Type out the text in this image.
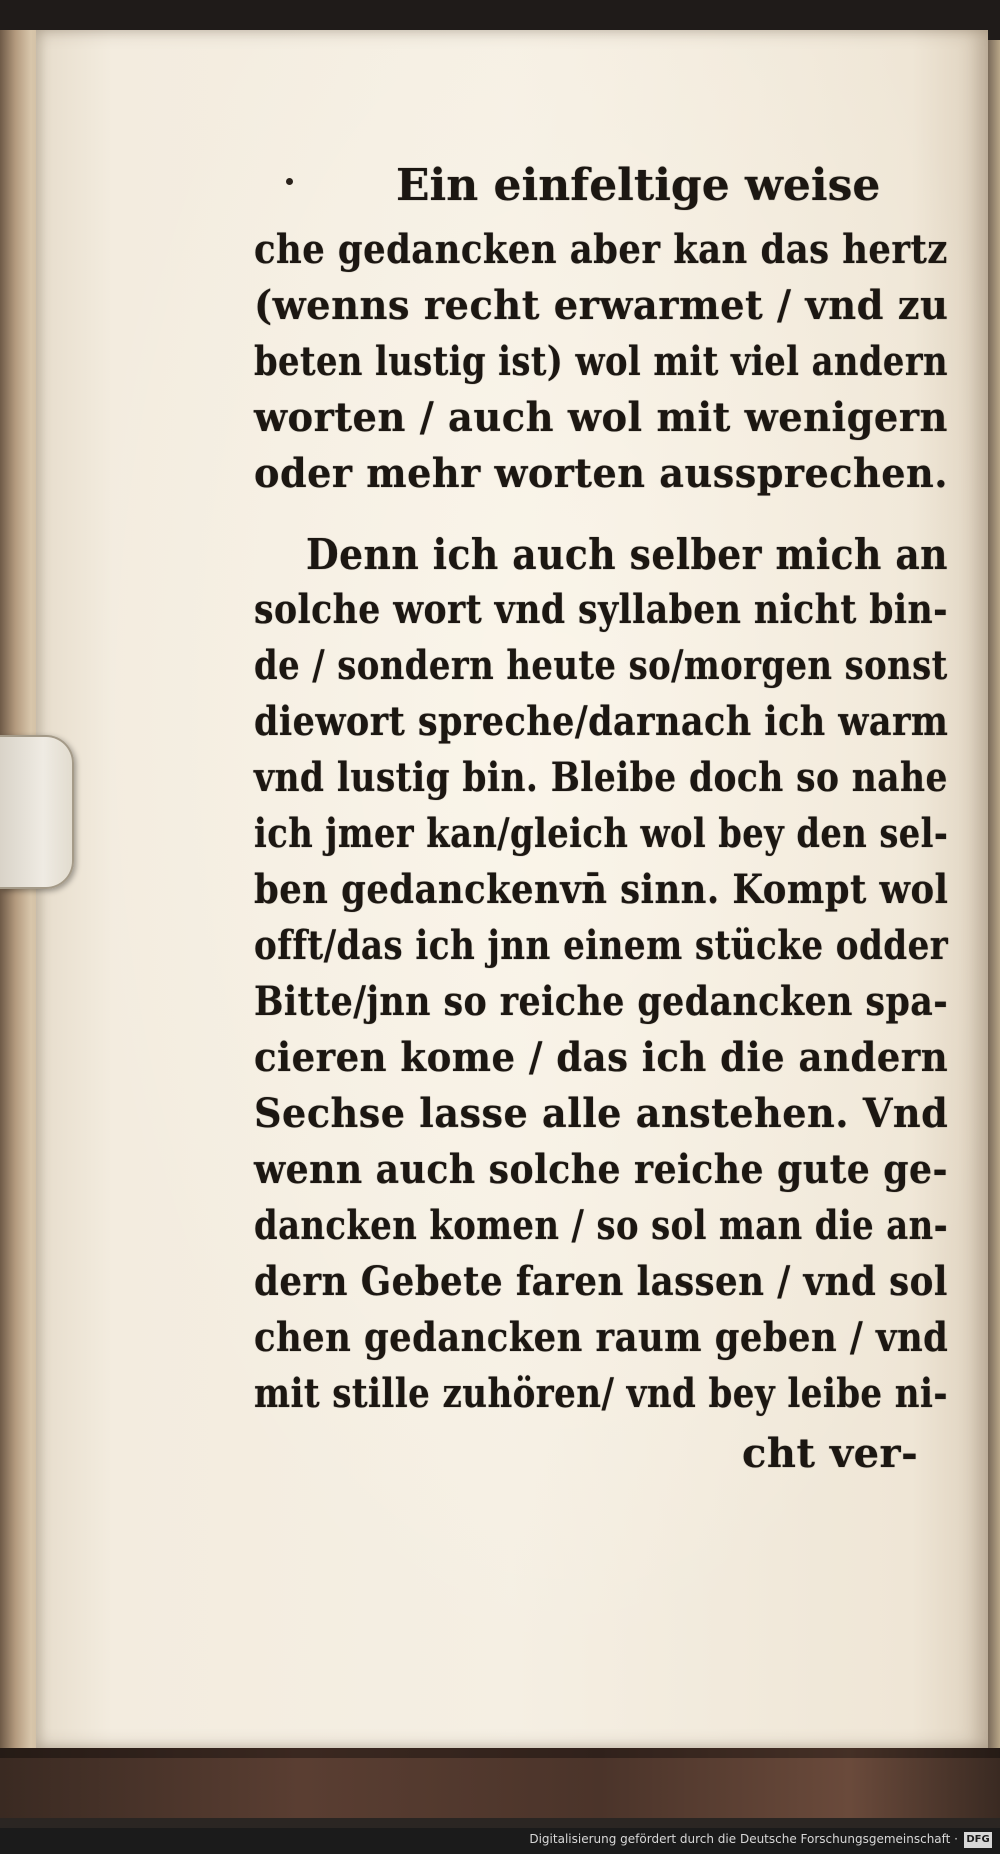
Ein einfeltige weise
che gedancken aber kan das hertz
(wenns recht erwarmet / vnd zu
beten lustig ist) wol mit viel andern
worten / auch wol mit wenigern
oder mehr worten aussprechen.
Denn ich auch selber mich an
solche wort vnd syllaben nicht bin-
de / sondern heute so/morgen sonst
diewort spreche/darnach ich warm
vnd lustig bin. Bleibe doch so nahe
ich jmer kan/gleich wol bey den sel-
ben gedanckenvn̄ sinn. Kompt wol
offt/das ich jnn einem stücke odder
Bitte/jnn so reiche gedancken spa-
cieren kome / das ich die andern
Sechse lasse alle anstehen. Vnd
wenn auch solche reiche gute ge-
dancken komen / so sol man die an-
dern Gebete faren lassen / vnd sol
chen gedancken raum geben / vnd
mit stille zuhören/ vnd bey leibe ni-
cht ver-
Digitalisierung gefördert durch die Deutsche Forschungsgemeinschaft · DFG
